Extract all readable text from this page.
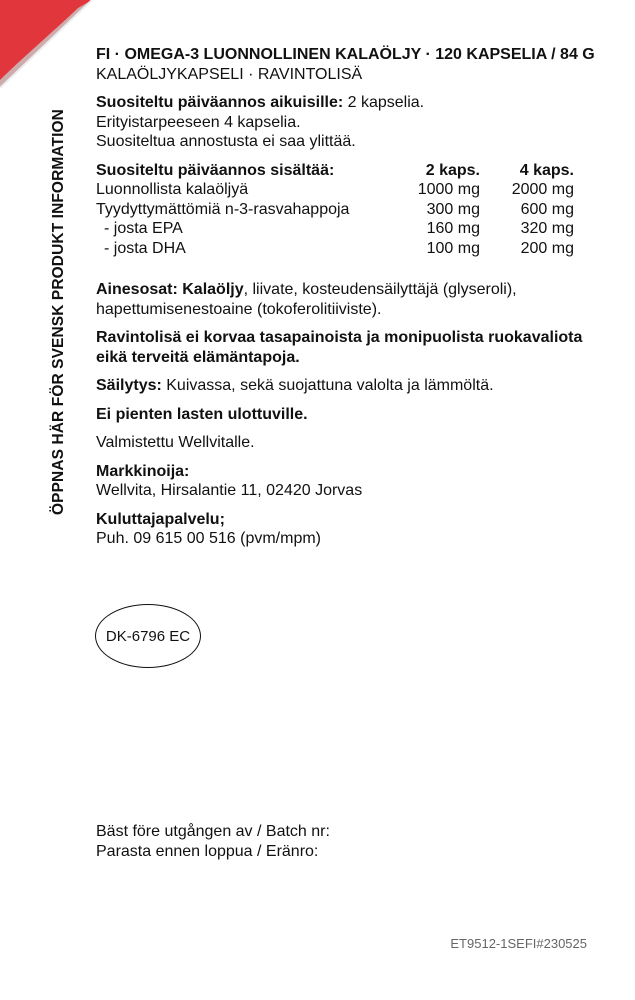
ÖPPNAS HÄR FÖR SVENSK PRODUKT INFORMATION

FI · OMEGA-3 LUONNOLLINEN KALAÖLJY · 120 KAPSELIA / 84 G

KALAÖLJYKAPSELI · RAVINTOLISÄ

Suositeltu päiväannos aikuisille: 2 kapselia.

Erityistarpeeseen 4 kapselia.

Suositeltua annostusta ei saa ylittää.

Suositeltu päiväannos sisältää:	2 kaps.	4 kaps.
Luonnollista kalaöljyä	1000 mg	2000 mg
Tyydyttymättömiä n-3-rasvahappoja	300 mg	600 mg
- josta EPA	160 mg	320 mg
- josta DHA	100 mg	200 mg

Ainesosat: Kalaöljy, liivate, kosteudensäilyttäjä (glyseroli), hapettumisenestoaine (tokoferolitiiviste).

Ravintolisä ei korvaa tasapainoista ja monipuolista ruokavaliota eikä terveitä elämäntapoja.

Säilytys: Kuivassa, sekä suojattuna valolta ja lämmöltä.

Ei pienten lasten ulottuville.

Valmistettu Wellvitalle.

Markkinoija:

Wellvita, Hirsalantie 11, 02420 Jorvas

Kuluttajapalvelu;

Puh. 09 615 00 516 (pvm/mpm)

DK-6796 EC
Bäst före utgången av / Batch nr:
Parasta ennen loppua / Eränro:
ET9512-1SEFI#230525
